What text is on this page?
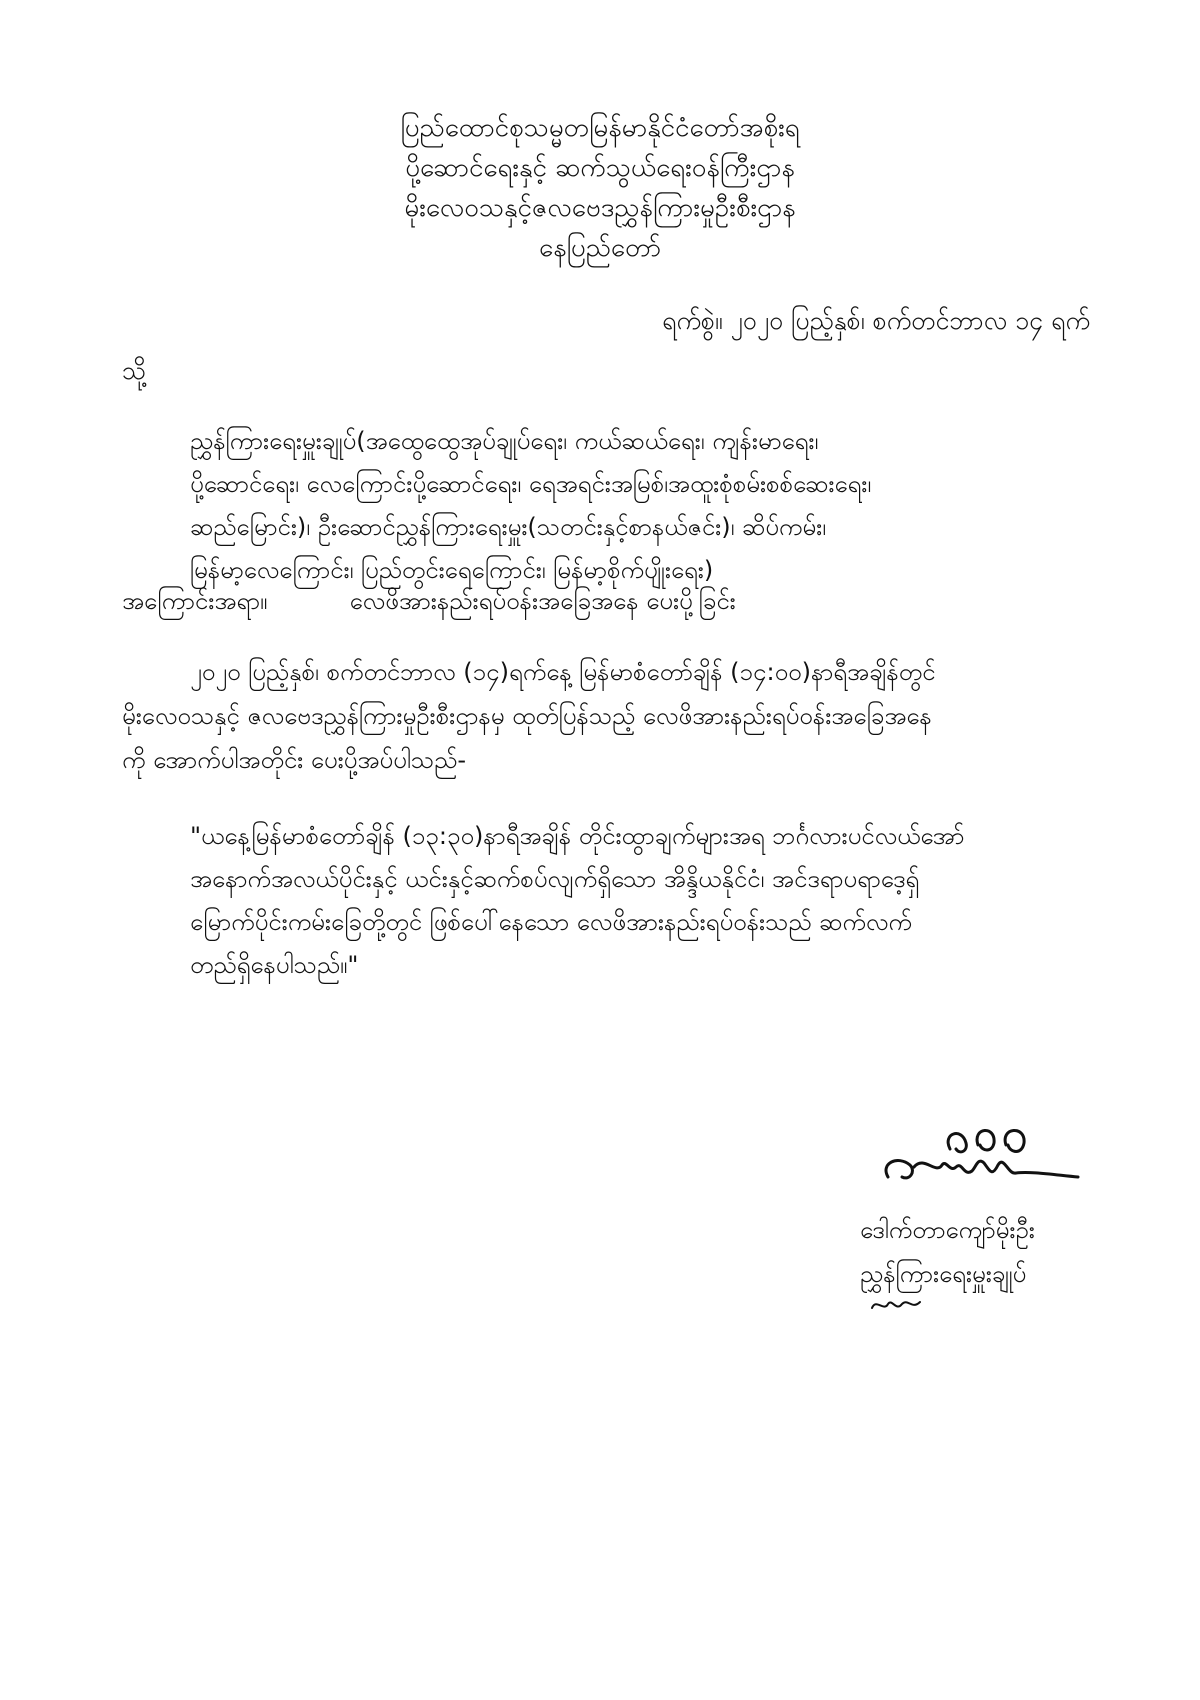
ပြည်ထောင်စုသမ္မတမြန်မာနိုင်ငံတော်အစိုးရ
ပို့ဆောင်ရေးနှင့် ဆက်သွယ်ရေးဝန်ကြီးဌာန
မိုးလေဝသနှင့်ဇလဗေဒညွှန်ကြားမှုဦးစီးဌာန
နေပြည်တော်
ရက်စွဲ။ ၂၀၂၀ ပြည့်နှစ်၊ စက်တင်ဘာလ ၁၄ ရက်
သို့
ညွှန်ကြားရေးမှူးချုပ်(အထွေထွေအုပ်ချုပ်ရေး၊ ကယ်ဆယ်ရေး၊ ကျန်းမာရေး၊
ပို့ဆောင်ရေး၊ လေကြောင်းပို့ဆောင်ရေး၊ ရေအရင်းအမြစ်၊အထူးစုံစမ်းစစ်ဆေးရေး၊
ဆည်မြောင်း)၊ ဦးဆောင်ညွှန်ကြားရေးမှူး(သတင်းနှင့်စာနယ်ဇင်း)၊ ဆိပ်ကမ်း၊
မြန်မာ့လေကြောင်း၊ ပြည်တွင်းရေကြောင်း၊ မြန်မာ့စိုက်ပျိုးရေး)
အကြောင်းအရာ။	လေဖိအားနည်းရပ်ဝန်းအခြေအနေ ပေးပို့ခြင်း
၂၀၂၀ ပြည့်နှစ်၊ စက်တင်ဘာလ (၁၄)ရက်နေ့ မြန်မာစံတော်ချိန် (၁၄:၀၀)နာရီအချိန်တွင်
မိုးလေဝသနှင့် ဇလဗေဒညွှန်ကြားမှုဦးစီးဌာနမှ ထုတ်ပြန်သည့် လေဖိအားနည်းရပ်ဝန်းအခြေအနေ
ကို အောက်ပါအတိုင်း ပေးပို့အပ်ပါသည်-
"ယနေ့မြန်မာစံတော်ချိန် (၁၃:၃၀)နာရီအချိန် တိုင်းထွာချက်များအရ ဘင်္ဂလားပင်လယ်အော်
အနောက်အလယ်ပိုင်းနှင့် ယင်းနှင့်ဆက်စပ်လျက်ရှိသော အိန္ဒိယနိုင်ငံ၊ အင်ဒရာပရာဒေ့ရှ်
မြောက်ပိုင်းကမ်းခြေတို့တွင် ဖြစ်ပေါ်နေသော လေဖိအားနည်းရပ်ဝန်းသည် ဆက်လက်
တည်ရှိနေပါသည်။"
ဒေါက်တာကျော်မိုးဦး
ညွှန်ကြားရေးမှူးချုပ်
